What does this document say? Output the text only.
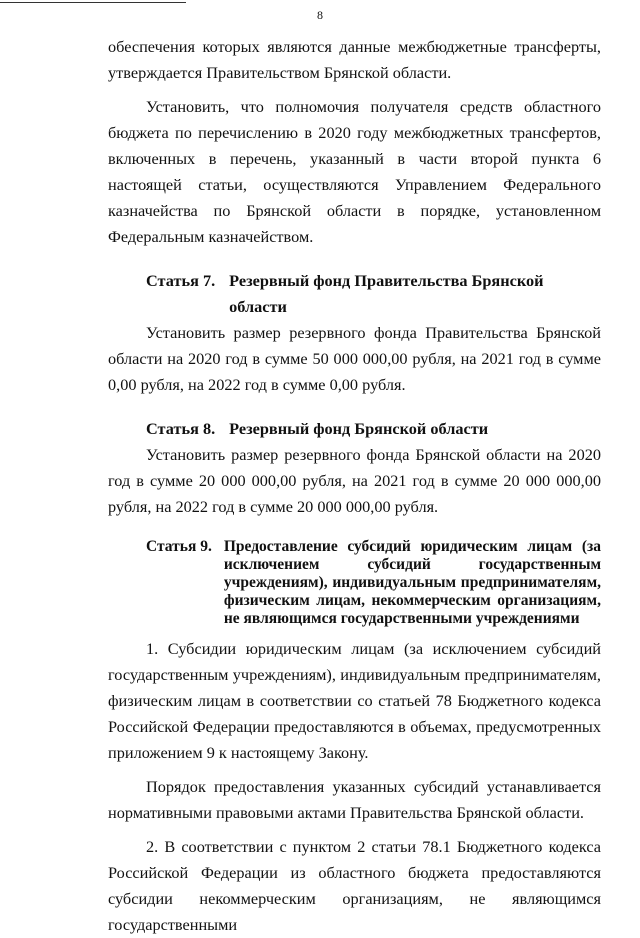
8

обеспечения которых являются данные межбюджетные трансферты, утверждается Правительством Брянской области.

Установить, что полномочия получателя средств областного бюджета по перечислению в 2020 году межбюджетных трансфертов, включенных в перечень, указанный в части второй пункта 6 настоящей статьи, осуществляются Управлением Федерального казначейства по Брянской области в порядке, установленном Федеральным казначейством.

Статья 7. Резервный фонд Правительства Брянской области

Установить размер резервного фонда Правительства Брянской области на 2020 год в сумме 50 000 000,00 рубля, на 2021 год в сумме 0,00 рубля, на 2022 год в сумме 0,00 рубля.

Статья 8. Резервный фонд Брянской области

Установить размер резервного фонда Брянской области на 2020 год в сумме 20 000 000,00 рубля, на 2021 год в сумме 20 000 000,00 рубля, на 2022 год в сумме 20 000 000,00 рубля.

Статья 9. Предоставление субсидий юридическим лицам (за исключением субсидий государственным учреждениям), индивидуальным предпринимателям, физическим лицам, некоммерческим организациям, не являющимся государственными учреждениями

1. Субсидии юридическим лицам (за исключением субсидий государственным учреждениям), индивидуальным предпринимателям, физическим лицам в соответствии со статьей 78 Бюджетного кодекса Российской Федерации предоставляются в объемах, предусмотренных приложением 9 к настоящему Закону.

Порядок предоставления указанных субсидий устанавливается нормативными правовыми актами Правительства Брянской области.

2. В соответствии с пунктом 2 статьи 78.1 Бюджетного кодекса Российской Федерации из областного бюджета предоставляются субсидии некоммерческим организациям, не являющимся государственными
